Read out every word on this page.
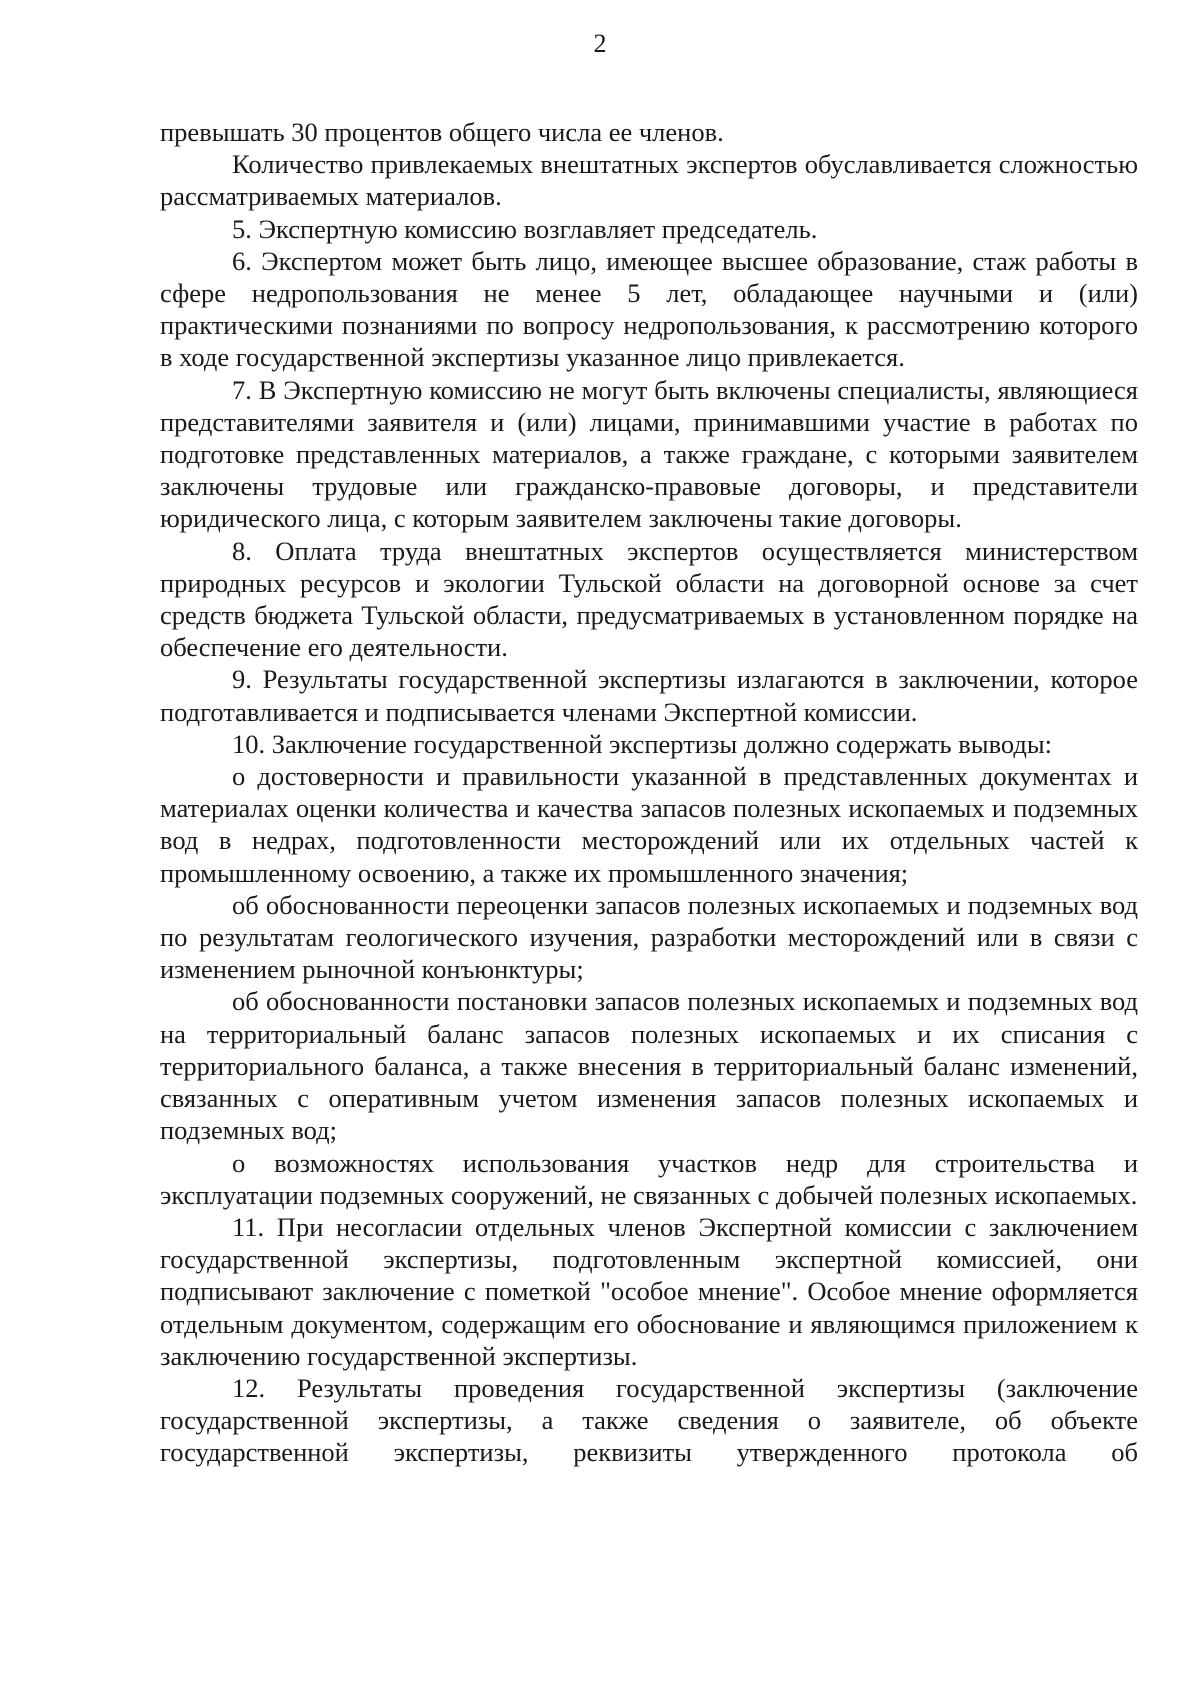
2

превышать 30 процентов общего числа ее членов.

Количество привлекаемых внештатных экспертов обуславливается сложностью рассматриваемых материалов.

5. Экспертную комиссию возглавляет председатель.

6. Экспертом может быть лицо, имеющее высшее образование, стаж работы в сфере недропользования не менее 5 лет, обладающее научными и (или) практическими познаниями по вопросу недропользования, к рассмотрению которого в ходе государственной экспертизы указанное лицо привлекается.

7. В Экспертную комиссию не могут быть включены специалисты, являющиеся представителями заявителя и (или) лицами, принимавшими участие в работах по подготовке представленных материалов, а также граждане, с которыми заявителем заключены трудовые или гражданско-правовые договоры, и представители юридического лица, с которым заявителем заключены такие договоры.

8. Оплата труда внештатных экспертов осуществляется министерством природных ресурсов и экологии Тульской области на договорной основе за счет средств бюджета Тульской области, предусматриваемых в установленном порядке на обеспечение его деятельности.

9. Результаты государственной экспертизы излагаются в заключении, которое подготавливается и подписывается членами Экспертной комиссии.

10. Заключение государственной экспертизы должно содержать выводы:

о достоверности и правильности указанной в представленных документах и материалах оценки количества и качества запасов полезных ископаемых и подземных вод в недрах, подготовленности месторождений или их отдельных частей к промышленному освоению, а также их промышленного значения;

об обоснованности переоценки запасов полезных ископаемых и подземных вод по результатам геологического изучения, разработки месторождений или в связи с изменением рыночной конъюнктуры;

об обоснованности постановки запасов полезных ископаемых и подземных вод на территориальный баланс запасов полезных ископаемых и их списания с территориального баланса, а также внесения в территориальный баланс изменений, связанных с оперативным учетом изменения запасов полезных ископаемых и подземных вод;

о возможностях использования участков недр для строительства и эксплуатации подземных сооружений, не связанных с добычей полезных ископаемых.

11. При несогласии отдельных членов Экспертной комиссии с заключением государственной экспертизы, подготовленным экспертной комиссией, они подписывают заключение с пометкой "особое мнение". Особое мнение оформляется отдельным документом, содержащим его обоснование и являющимся приложением к заключению государственной экспертизы.

12. Результаты проведения государственной экспертизы (заключение государственной экспертизы, а также сведения о заявителе, об объекте государственной экспертизы, реквизиты утвержденного протокола об
